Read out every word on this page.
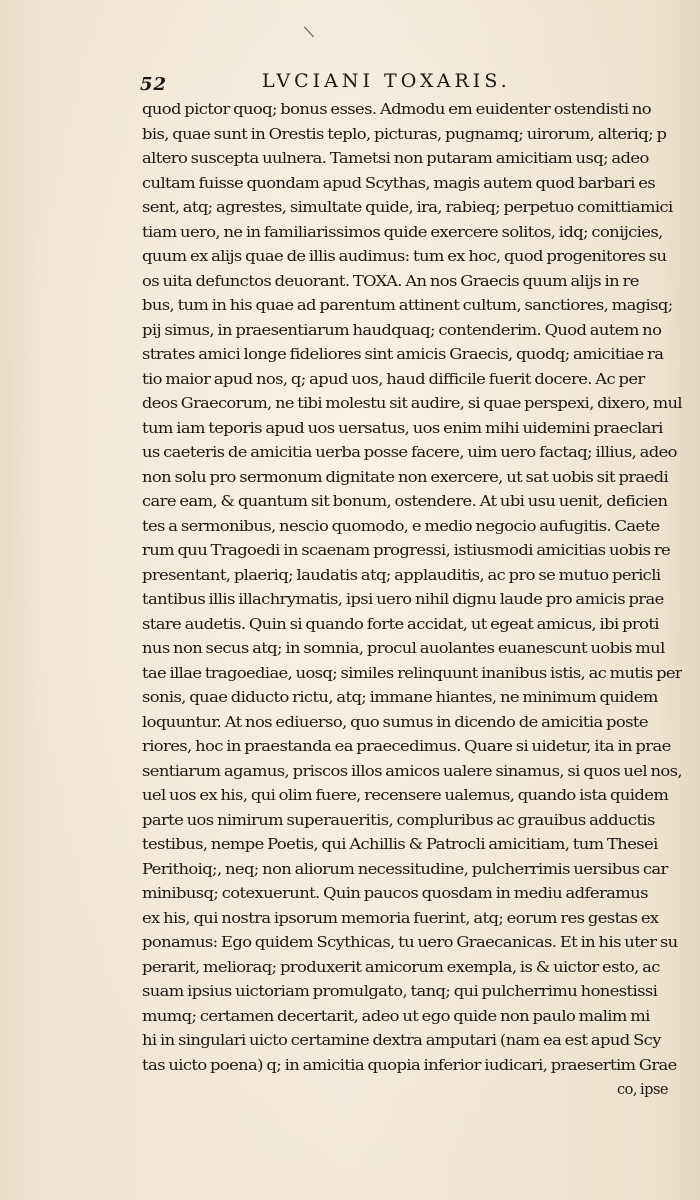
\
52	LVCIANI TOXARIS.
quod pictor quoq; bonus esses. Admodu em euidenter ostendisti no
bis, quae sunt in Orestis teplo, picturas, pugnamq; uirorum, alteriq; p
altero susceptа uulnera. Tametsi non putaram amicitiam usq; adeo
cultam fuisse quondam apud Scythas, magis autem quod barbari es
sent, atq; agrestes, simultate quide, ira, rabieq; perpetuo comittiamici
tiam uero, ne in familiarissimos quide exercere solitos, idq; conijcies,
quum ex alijs quae de illis audimus: tum ex hoc, quod progenitores su
os uita defunctos deuorant. TOXA. An nos Graecis quum alijs in re
bus, tum in his quae ad parentum attinent cultum, sanctiores, magisq;
pij simus, in praesentiarum haudquaq; contenderim. Quod autem no
strates amici longe fideliores sint amicis Graecis, quodq; amicitiae ra
tio maior apud nos, q; apud uos, haud difficile fuerit docere. Ac per
deos Graecorum, ne tibi molestu sit audire, si quae perspexi, dixero, mul
tum iam teporis apud uos uersatus, uos enim mihi uidemini praeclari
us caeteris de amicitia uerba posse facere, uim uero factaq; illius, adeo
non solu pro sermonum dignitate non exercere, ut sat uobis sit praedi
care eam, & quantum sit bonum, ostendere. At ubi usu uenit, deficien
tes a sermonibus, nescio quomodo, e medio negocio aufugitis. Caete
rum quu Tragoedi in scaenam progressi, istiusmodi amicitias uobis re
presentant, plaeriq; laudatis atq; applauditis, ac pro se mutuo pericli
tantibus illis illachrymatis, ipsi uero nihil dignu laude pro amicis prae
stare audetis. Quin si quando forte accidat, ut egeat amicus, ibi proti
nus non secus atq; in somnia, procul auolantes euanescunt uobis mul
tae illae tragoediae, uosq; similes relinquunt inanibus istis, ac mutis per
sonis, quae diducto rictu, atq; immane hiantes, ne minimum quidem
loquuntur. At nos ediuerso, quo sumus in dicendo de amicitia poste
riores, hoc in praestanda ea praecedimus. Quare si uidetur, ita in prae
sentiarum agamus, priscos illos amicos ualere sinamus, si quos uel nos,
uel uos ex his, qui olim fuere, recensere ualemus, quando ista quidem
parte uos nimirum superaueritis, compluribus ac grauibus adductis
testibus, nempe Poetis, qui Achillis & Patrocli amicitiam, tum Thesei
Perithoiq;, neq; non aliorum necessitudine, pulcherrimis uersibus car
minibusq; cotexuerunt. Quin paucos quosdam in mediu adferamus
ex his, qui nostra ipsorum memoria fuerint, atq; eorum res gestas ex
ponamus: Ego quidem Scythicas, tu uero Graecanicas. Et in his uter su
perarit, melioraq; produxerit amicorum exempla, is & uictor esto, ac
suam ipsius uictoriam promulgato, tanq; qui pulcherrimu honestissi
mumq; certamen decertarit, adeo ut ego quide non paulo malim mi
hi in singulari uicto certamine dextra amputari (nam ea est apud Scy
tas uicto poena) q; in amicitia quopia inferior iudicari, praesertim Grae
co, ipse
